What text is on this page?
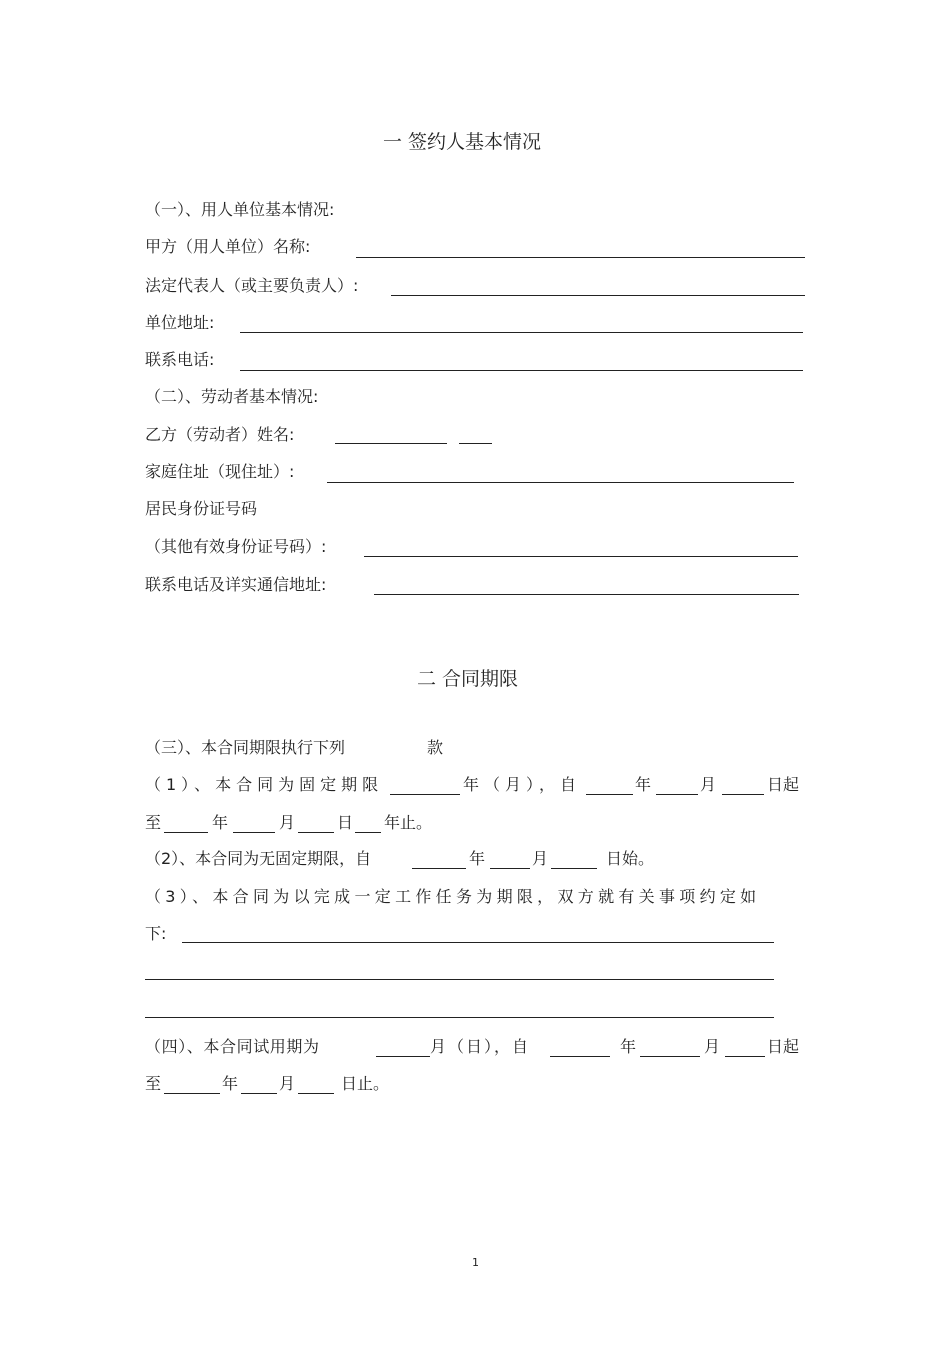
一 签约人基本情况
（一）、用人单位基本情况:
甲方（用人单位）名称:
法定代表人（或主要负责人）:
单位地址:
联系电话:
（二）、劳动者基本情况:
乙方（劳动者）姓名:
家庭住址（现住址）:
居民身份证号码
（其他有效身份证号码）:
联系电话及详实通信地址:
二 合同期限
（三）、本合同期限执行下列	款
（1）、本合同为固定期限	年（月），自	年	月	日起
至	年	月	日 年止。
（2）、本合同为无固定期限，自	年	月	日始。
（3）、本合同为以完成一定工作任务为期限，双方就有关事项约定如
下:
（四）、本合同试用期为	月（日），自	年	月	日起
至	年	月	日止。
1
